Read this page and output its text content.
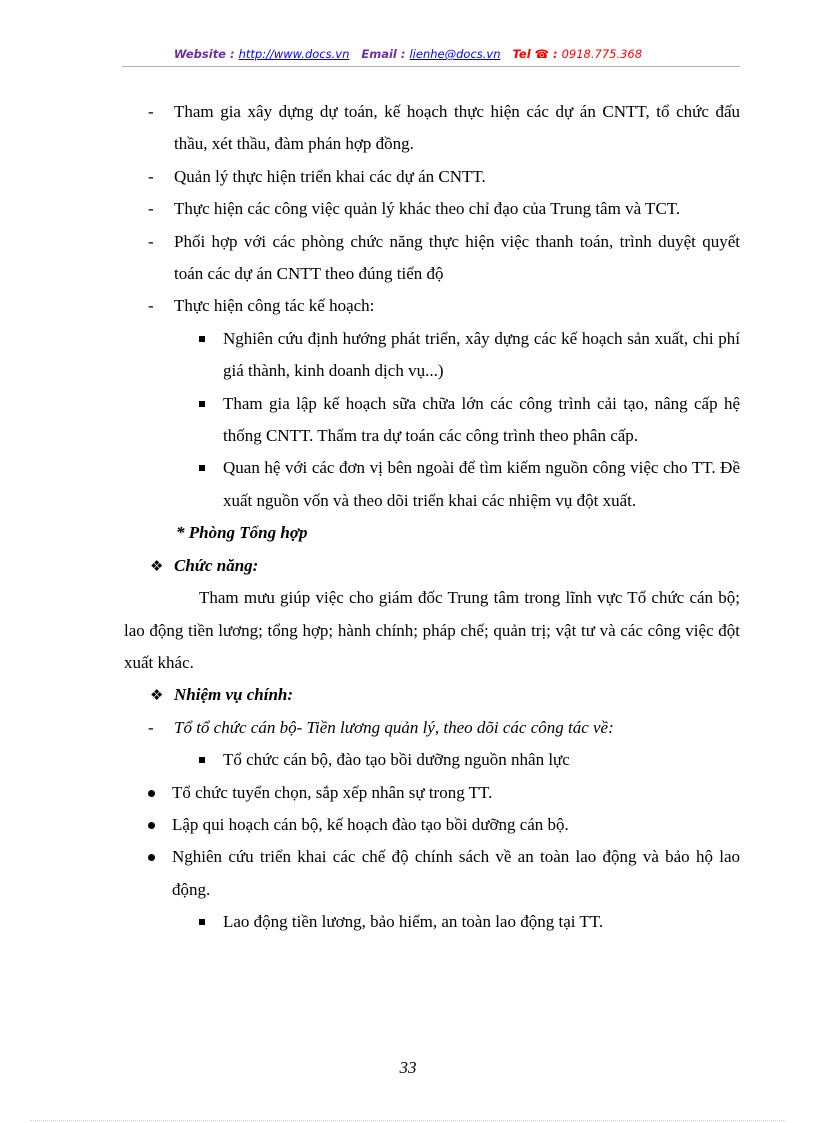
Website : http://www.docs.vn Email : lienhe@docs.vn Tel ☎ : 0918.775.368
- Tham gia xây dựng dự toán, kế hoạch thực hiện các dự án CNTT, tổ chức đấu thầu, xét thầu, đàm phán hợp đồng.
- Quản lý thực hiện triển khai các dự án CNTT.
- Thực hiện các công việc quản lý khác theo chỉ đạo của Trung tâm và TCT.
- Phối hợp với các phòng chức năng thực hiện việc thanh toán, trình duyệt quyết toán các dự án CNTT theo đúng tiến độ
- Thực hiện công tác kế hoạch:
Nghiên cứu định hướng phát triển, xây dựng các kế hoạch sản xuất, chi phí giá thành, kinh doanh dịch vụ...)
Tham gia lập kế hoạch sữa chữa lớn các công trình cải tạo, nâng cấp hệ thống CNTT. Thẩm tra dự toán các công trình theo phân cấp.
Quan hệ với các đơn vị bên ngoài để tìm kiếm nguồn công việc cho TT. Đề xuất nguồn vốn và theo dõi triển khai các nhiệm vụ đột xuất.
* Phòng Tổng hợp
❖ Chức năng:
Tham mưu giúp việc cho giám đốc Trung tâm trong lĩnh vực Tổ chức cán bộ; lao động tiền lương; tổng hợp; hành chính; pháp chế; quản trị; vật tư và các công việc đột xuất khác.
❖ Nhiệm vụ chính:
- Tổ tổ chức cán bộ- Tiền lương quản lý, theo dõi các công tác về:
Tổ chức cán bộ, đào tạo bồi dưỡng nguồn nhân lực
Tổ chức tuyển chọn, sắp xếp nhân sự trong TT.
Lập qui hoạch cán bộ, kế hoạch đào tạo bồi dưỡng cán bộ.
Nghiên cứu triển khai các chế độ chính sách về an toàn lao động và bảo hộ lao động.
Lao động tiền lương, bảo hiểm, an toàn lao động tại TT.
33
